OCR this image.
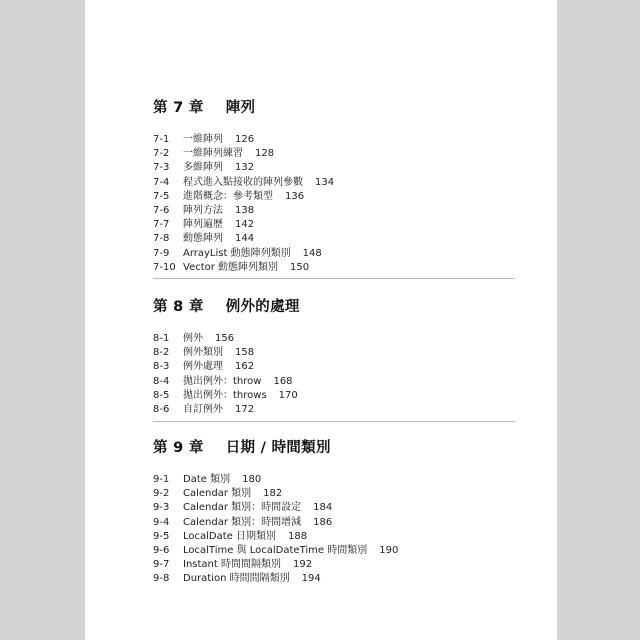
第 7 章 陣列
7-1 一維陣列 126
7-2 一維陣列練習 128
7-3 多維陣列 132
7-4 程式進入點接收的陣列參數 134
7-5 進階概念：參考類型 136
7-6 陣列方法 138
7-7 陣列遍歷 142
7-8 動態陣列 144
7-9 ArrayList 動態陣列類別 148
7-10 Vector 動態陣列類別 150
第 8 章 例外的處理
8-1 例外 156
8-2 例外類別 158
8-3 例外處理 162
8-4 拋出例外：throw 168
8-5 拋出例外：throws 170
8-6 自訂例外 172
第 9 章 日期 / 時間類別
9-1 Date 類別 180
9-2 Calendar 類別 182
9-3 Calendar 類別：時間設定 184
9-4 Calendar 類別：時間增減 186
9-5 LocalDate 日期類別 188
9-6 LocalTime 與 LocalDateTime 時間類別 190
9-7 Instant 時間間隔類別 192
9-8 Duration 時間間隔類別 194
